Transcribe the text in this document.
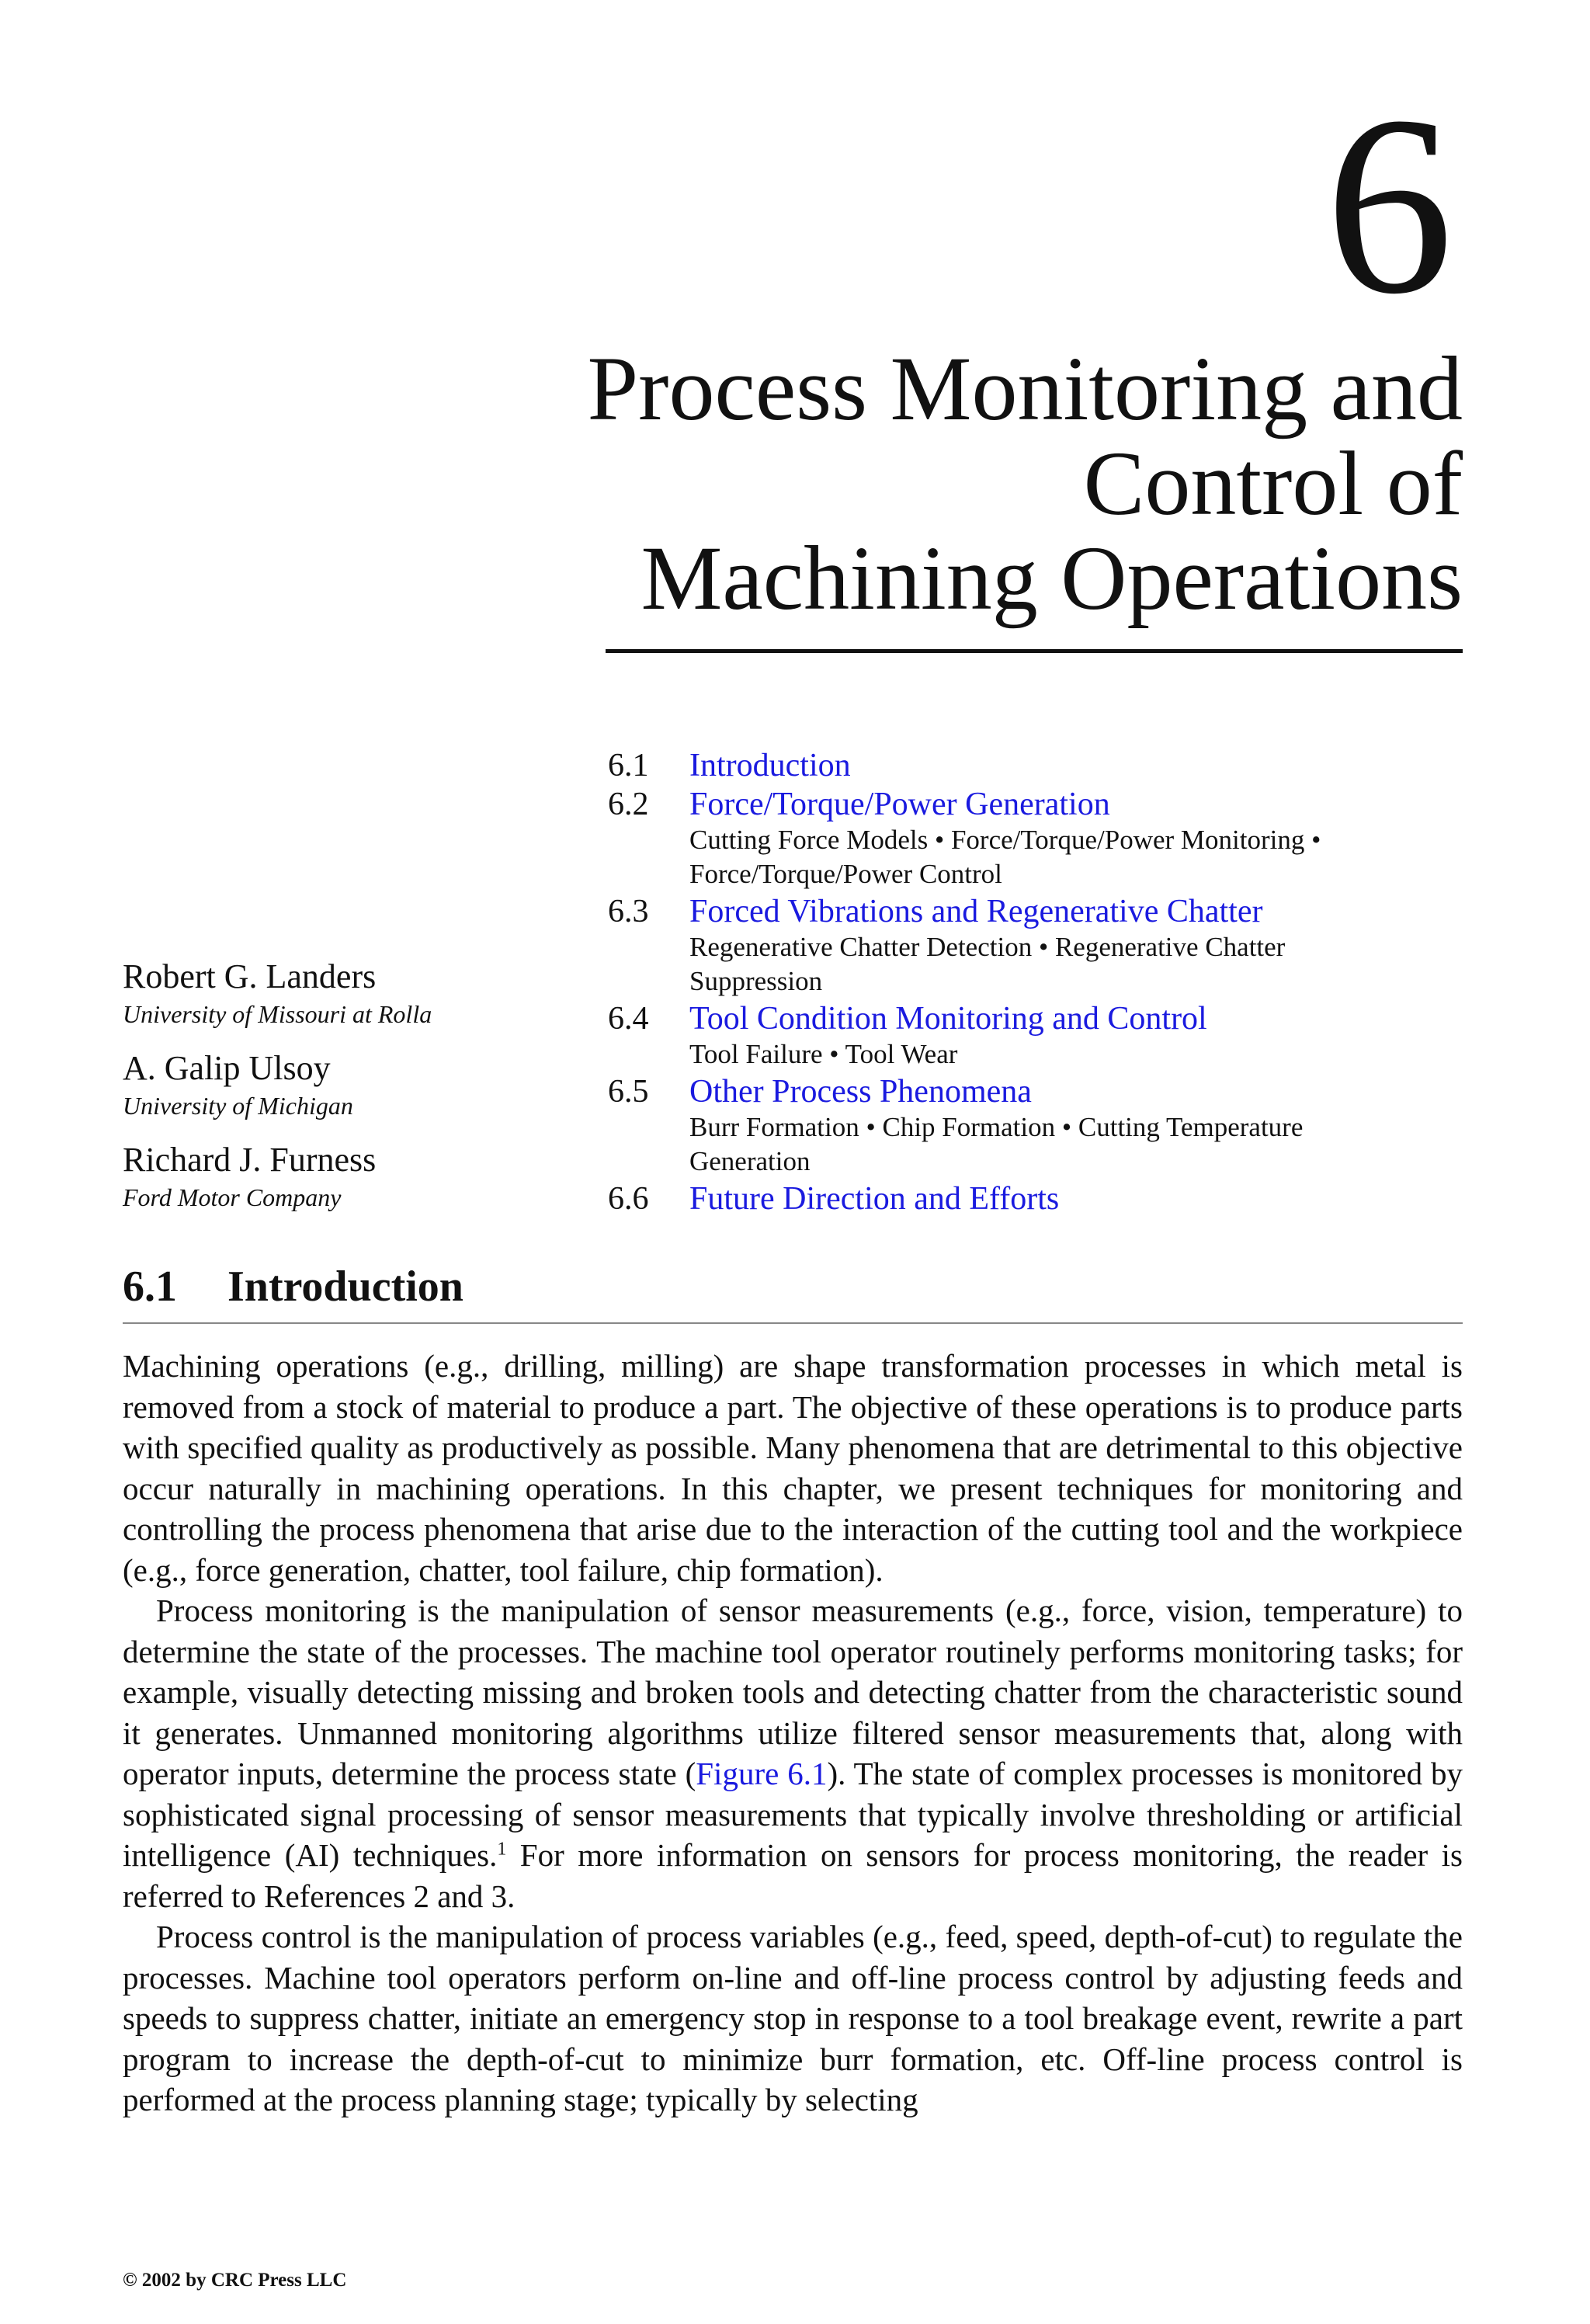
6
Process Monitoring and
Control of
Machining Operations
6.1 Introduction
6.2 Force/Torque/Power Generation
Cutting Force Models • Force/Torque/Power Monitoring • Force/Torque/Power Control
6.3 Forced Vibrations and Regenerative Chatter
Regenerative Chatter Detection • Regenerative Chatter Suppression
6.4 Tool Condition Monitoring and Control
Tool Failure • Tool Wear
6.5 Other Process Phenomena
Burr Formation • Chip Formation • Cutting Temperature Generation
6.6 Future Direction and Efforts
Robert G. Landers
University of Missouri at Rolla
A. Galip Ulsoy
University of Michigan
Richard J. Furness
Ford Motor Company
6.1 Introduction

Machining operations (e.g., drilling, milling) are shape transformation processes in which metal is removed from a stock of material to produce a part. The objective of these operations is to produce parts with specified quality as productively as possible. Many phenomena that are detrimental to this objective occur naturally in machining operations. In this chapter, we present techniques for monitoring and controlling the process phenomena that arise due to the interaction of the cutting tool and the workpiece (e.g., force generation, chatter, tool failure, chip formation).

Process monitoring is the manipulation of sensor measurements (e.g., force, vision, temperature) to determine the state of the processes. The machine tool operator routinely performs monitoring tasks; for example, visually detecting missing and broken tools and detecting chatter from the characteristic sound it generates. Unmanned monitoring algorithms utilize filtered sensor measurements that, along with operator inputs, determine the process state (Figure 6.1). The state of complex processes is monitored by sophisticated signal processing of sensor measurements that typically involve thresholding or artificial intelligence (AI) techniques.$^1$ For more information on sensors for process monitoring, the reader is referred to References 2 and 3.

Process control is the manipulation of process variables (e.g., feed, speed, depth-of-cut) to regulate the processes. Machine tool operators perform on-line and off-line process control by adjusting feeds and speeds to suppress chatter, initiate an emergency stop in response to a tool breakage event, rewrite a part program to increase the depth-of-cut to minimize burr formation, etc. Off-line process control is performed at the process planning stage; typically by selecting

© 2002 by CRC Press LLC
